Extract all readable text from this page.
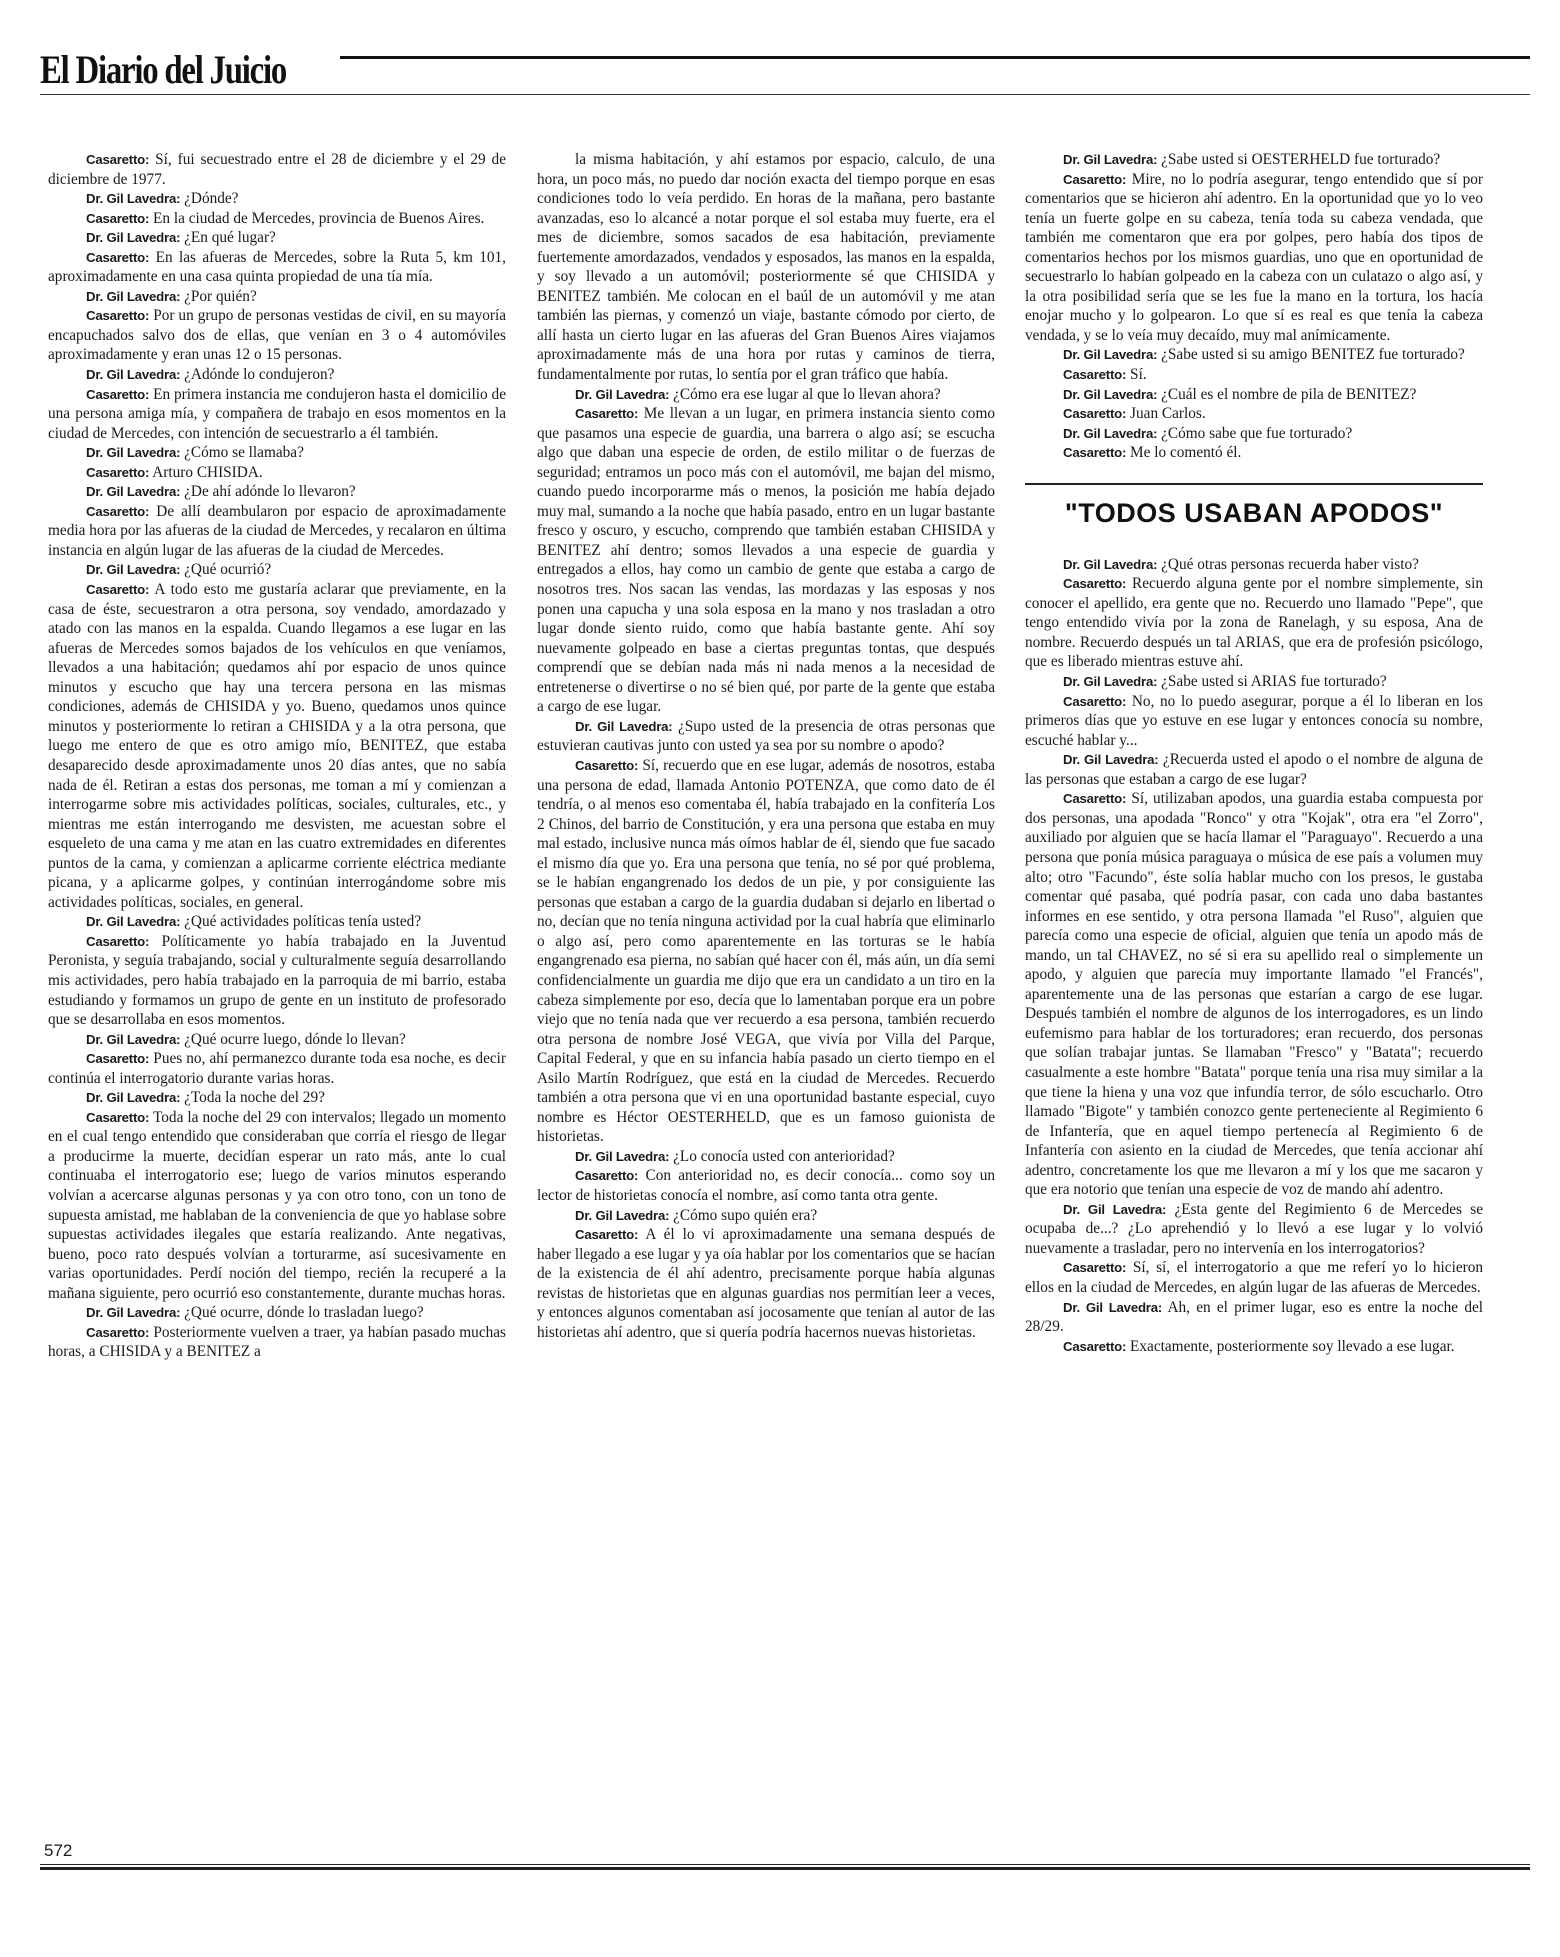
El Diario del Juicio

Casaretto: Sí, fui secuestrado entre el 28 de diciembre y el 29 de diciembre de 1977.

Dr. Gil Lavedra: ¿Dónde?

Casaretto: En la ciudad de Mercedes, provincia de Buenos Aires.

Dr. Gil Lavedra: ¿En qué lugar?

Casaretto: En las afueras de Mercedes, sobre la Ruta 5, km 101, aproximadamente en una casa quinta propiedad de una tía mía.

Dr. Gil Lavedra: ¿Por quién?

Casaretto: Por un grupo de personas vestidas de civil, en su mayoría encapuchados salvo dos de ellas, que venían en 3 o 4 automóviles aproximadamente y eran unas 12 o 15 personas.

Dr. Gil Lavedra: ¿Adónde lo condujeron?

Casaretto: En primera instancia me condujeron hasta el domicilio de una persona amiga mía, y compañera de trabajo en esos momentos en la ciudad de Mercedes, con intención de secuestrarlo a él también.

Dr. Gil Lavedra: ¿Cómo se llamaba?

Casaretto: Arturo CHISIDA.

Dr. Gil Lavedra: ¿De ahí adónde lo llevaron?

Casaretto: De allí deambularon por espacio de aproximadamente media hora por las afueras de la ciudad de Mercedes, y recalaron en última instancia en algún lugar de las afueras de la ciudad de Mercedes.

Dr. Gil Lavedra: ¿Qué ocurrió?

Casaretto: A todo esto me gustaría aclarar que previamente, en la casa de éste, secuestraron a otra persona, soy vendado, amordazado y atado con las manos en la espalda. Cuando llegamos a ese lugar en las afueras de Mercedes somos bajados de los vehículos en que veníamos, llevados a una habitación; quedamos ahí por espacio de unos quince minutos y escucho que hay una tercera persona en las mismas condiciones, además de CHISIDA y yo. Bueno, quedamos unos quince minutos y posteriormente lo retiran a CHISIDA y a la otra persona, que luego me entero de que es otro amigo mío, BENITEZ, que estaba desaparecido desde aproximadamente unos 20 días antes, que no sabía nada de él. Retiran a estas dos personas, me toman a mí y comienzan a interrogarme sobre mis actividades políticas, sociales, culturales, etc., y mientras me están interrogando me desvisten, me acuestan sobre el esqueleto de una cama y me atan en las cuatro extremidades en diferentes puntos de la cama, y comienzan a aplicarme corriente eléctrica mediante picana, y a aplicarme golpes, y continúan interrogándome sobre mis actividades políticas, sociales, en general.

Dr. Gil Lavedra: ¿Qué actividades políticas tenía usted?

Casaretto: Políticamente yo había trabajado en la Juventud Peronista, y seguía trabajando, social y culturalmente seguía desarrollando mis actividades, pero había trabajado en la parroquia de mi barrio, estaba estudiando y formamos un grupo de gente en un instituto de profesorado que se desarrollaba en esos momentos.

Dr. Gil Lavedra: ¿Qué ocurre luego, dónde lo llevan?

Casaretto: Pues no, ahí permanezco durante toda esa noche, es decir continúa el interrogatorio durante varias horas.

Dr. Gil Lavedra: ¿Toda la noche del 29?

Casaretto: Toda la noche del 29 con intervalos; llegado un momento en el cual tengo entendido que consideraban que corría el riesgo de llegar a producirme la muerte, decidían esperar un rato más, ante lo cual continuaba el interrogatorio ese; luego de varios minutos esperando volvían a acercarse algunas personas y ya con otro tono, con un tono de supuesta amistad, me hablaban de la conveniencia de que yo hablase sobre supuestas actividades ilegales que estaría realizando. Ante negativas, bueno, poco rato después volvían a torturarme, así sucesivamente en varias oportunidades. Perdí noción del tiempo, recién la recuperé a la mañana siguiente, pero ocurrió eso constantemente, durante muchas horas.

Dr. Gil Lavedra: ¿Qué ocurre, dónde lo trasladan luego?

Casaretto: Posteriormente vuelven a traer, ya habían pasado muchas horas, a CHISIDA y a BENITEZ a

la misma habitación, y ahí estamos por espacio, calculo, de una hora, un poco más, no puedo dar noción exacta del tiempo porque en esas condiciones todo lo veía perdido. En horas de la mañana, pero bastante avanzadas, eso lo alcancé a notar porque el sol estaba muy fuerte, era el mes de diciembre, somos sacados de esa habitación, previamente fuertemente amordazados, vendados y esposados, las manos en la espalda, y soy llevado a un automóvil; posteriormente sé que CHISIDA y BENITEZ también. Me colocan en el baúl de un automóvil y me atan también las piernas, y comenzó un viaje, bastante cómodo por cierto, de allí hasta un cierto lugar en las afueras del Gran Buenos Aires viajamos aproximadamente más de una hora por rutas y caminos de tierra, fundamentalmente por rutas, lo sentía por el gran tráfico que había.

Dr. Gil Lavedra: ¿Cómo era ese lugar al que lo llevan ahora?

Casaretto: Me llevan a un lugar, en primera instancia siento como que pasamos una especie de guardia, una barrera o algo así; se escucha algo que daban una especie de orden, de estilo militar o de fuerzas de seguridad; entramos un poco más con el automóvil, me bajan del mismo, cuando puedo incorporarme más o menos, la posición me había dejado muy mal, sumando a la noche que había pasado, entro en un lugar bastante fresco y oscuro, y escucho, comprendo que también estaban CHISIDA y BENITEZ ahí dentro; somos llevados a una especie de guardia y entregados a ellos, hay como un cambio de gente que estaba a cargo de nosotros tres. Nos sacan las vendas, las mordazas y las esposas y nos ponen una capucha y una sola esposa en la mano y nos trasladan a otro lugar donde siento ruido, como que había bastante gente. Ahí soy nuevamente golpeado en base a ciertas preguntas tontas, que después comprendí que se debían nada más ni nada menos a la necesidad de entretenerse o divertirse o no sé bien qué, por parte de la gente que estaba a cargo de ese lugar.

Dr. Gil Lavedra: ¿Supo usted de la presencia de otras personas que estuvieran cautivas junto con usted ya sea por su nombre o apodo?

Casaretto: Sí, recuerdo que en ese lugar, además de nosotros, estaba una persona de edad, llamada Antonio POTENZA, que como dato de él tendría, o al menos eso comentaba él, había trabajado en la confitería Los 2 Chinos, del barrio de Constitución, y era una persona que estaba en muy mal estado, inclusive nunca más oímos hablar de él, siendo que fue sacado el mismo día que yo. Era una persona que tenía, no sé por qué problema, se le habían engangrenado los dedos de un pie, y por consiguiente las personas que estaban a cargo de la guardia dudaban si dejarlo en libertad o no, decían que no tenía ninguna actividad por la cual habría que eliminarlo o algo así, pero como aparentemente en las torturas se le había engangrenado esa pierna, no sabían qué hacer con él, más aún, un día semi confidencialmente un guardia me dijo que era un candidato a un tiro en la cabeza simplemente por eso, decía que lo lamentaban porque era un pobre viejo que no tenía nada que ver recuerdo a esa persona, también recuerdo otra persona de nombre José VEGA, que vivía por Villa del Parque, Capital Federal, y que en su infancia había pasado un cierto tiempo en el Asilo Martín Rodríguez, que está en la ciudad de Mercedes. Recuerdo también a otra persona que vi en una oportunidad bastante especial, cuyo nombre es Héctor OESTERHELD, que es un famoso guionista de historietas.

Dr. Gil Lavedra: ¿Lo conocía usted con anterioridad?

Casaretto: Con anterioridad no, es decir conocía... como soy un lector de historietas conocía el nombre, así como tanta otra gente.

Dr. Gil Lavedra: ¿Cómo supo quién era?

Casaretto: A él lo vi aproximadamente una semana después de haber llegado a ese lugar y ya oía hablar por los comentarios que se hacían de la existencia de él ahí adentro, precisamente porque había algunas revistas de historietas que en algunas guardias nos permitían leer a veces, y entonces algunos comentaban así jocosamente que tenían al autor de las historietas ahí adentro, que si quería podría hacernos nuevas historietas.

Dr. Gil Lavedra: ¿Sabe usted si OESTERHELD fue torturado?

Casaretto: Mire, no lo podría asegurar, tengo entendido que sí por comentarios que se hicieron ahí adentro. En la oportunidad que yo lo veo tenía un fuerte golpe en su cabeza, tenía toda su cabeza vendada, que también me comentaron que era por golpes, pero había dos tipos de comentarios hechos por los mismos guardias, uno que en oportunidad de secuestrarlo lo habían golpeado en la cabeza con un culatazo o algo así, y la otra posibilidad sería que se les fue la mano en la tortura, los hacía enojar mucho y lo golpearon. Lo que sí es real es que tenía la cabeza vendada, y se lo veía muy decaído, muy mal anímicamente.

Dr. Gil Lavedra: ¿Sabe usted si su amigo BENITEZ fue torturado?

Casaretto: Sí.

Dr. Gil Lavedra: ¿Cuál es el nombre de pila de BENITEZ?

Casaretto: Juan Carlos.

Dr. Gil Lavedra: ¿Cómo sabe que fue torturado?

Casaretto: Me lo comentó él.

"TODOS USABAN APODOS"

Dr. Gil Lavedra: ¿Qué otras personas recuerda haber visto?

Casaretto: Recuerdo alguna gente por el nombre simplemente, sin conocer el apellido, era gente que no. Recuerdo uno llamado "Pepe", que tengo entendido vivía por la zona de Ranelagh, y su esposa, Ana de nombre. Recuerdo después un tal ARIAS, que era de profesión psicólogo, que es liberado mientras estuve ahí.

Dr. Gil Lavedra: ¿Sabe usted si ARIAS fue torturado?

Casaretto: No, no lo puedo asegurar, porque a él lo liberan en los primeros días que yo estuve en ese lugar y entonces conocía su nombre, escuché hablar y...

Dr. Gil Lavedra: ¿Recuerda usted el apodo o el nombre de alguna de las personas que estaban a cargo de ese lugar?

Casaretto: Sí, utilizaban apodos, una guardia estaba compuesta por dos personas, una apodada "Ronco" y otra "Kojak", otra era "el Zorro", auxiliado por alguien que se hacía llamar el "Paraguayo". Recuerdo a una persona que ponía música paraguaya o música de ese país a volumen muy alto; otro "Facundo", éste solía hablar mucho con los presos, le gustaba comentar qué pasaba, qué podría pasar, con cada uno daba bastantes informes en ese sentido, y otra persona llamada "el Ruso", alguien que parecía como una especie de oficial, alguien que tenía un apodo más de mando, un tal CHAVEZ, no sé si era su apellido real o simplemente un apodo, y alguien que parecía muy importante llamado "el Francés", aparentemente una de las personas que estarían a cargo de ese lugar. Después también el nombre de algunos de los interrogadores, es un lindo eufemismo para hablar de los torturadores; eran recuerdo, dos personas que solían trabajar juntas. Se llamaban "Fresco" y "Batata"; recuerdo casualmente a este hombre "Batata" porque tenía una risa muy similar a la que tiene la hiena y una voz que infundía terror, de sólo escucharlo. Otro llamado "Bigote" y también conozco gente perteneciente al Regimiento 6 de Infantería, que en aquel tiempo pertenecía al Regimiento 6 de Infantería con asiento en la ciudad de Mercedes, que tenía accionar ahí adentro, concretamente los que me llevaron a mí y los que me sacaron y que era notorio que tenían una especie de voz de mando ahí adentro.

Dr. Gil Lavedra: ¿Esta gente del Regimiento 6 de Mercedes se ocupaba de...? ¿Lo aprehendió y lo llevó a ese lugar y lo volvió nuevamente a trasladar, pero no intervenía en los interrogatorios?

Casaretto: Sí, sí, el interrogatorio a que me referí yo lo hicieron ellos en la ciudad de Mercedes, en algún lugar de las afueras de Mercedes.

Dr. Gil Lavedra: Ah, en el primer lugar, eso es entre la noche del 28/29.

Casaretto: Exactamente, posteriormente soy llevado a ese lugar.

572
